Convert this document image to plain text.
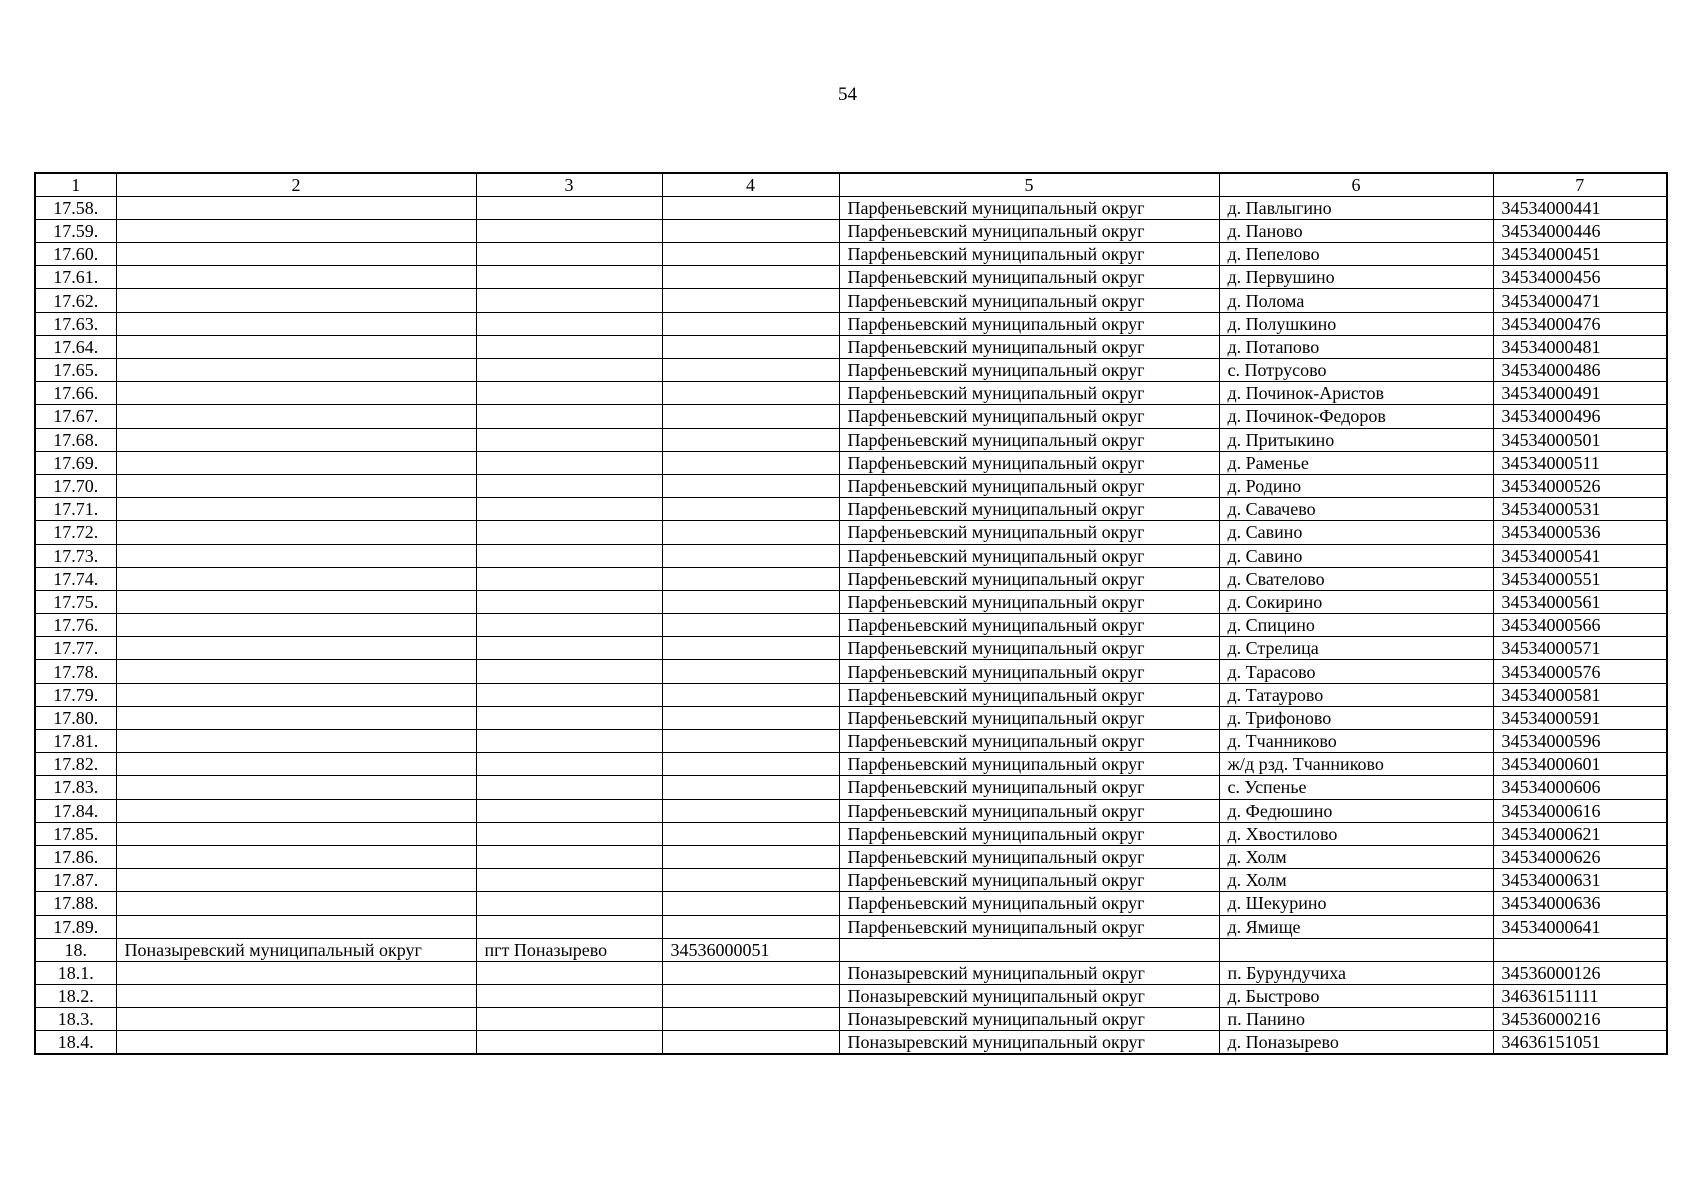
54
1	2	3	4	5	6	7
17.58.				Парфеньевский муниципальный округ	д. Павлыгино	34534000441
17.59.				Парфеньевский муниципальный округ	д. Паново	34534000446
17.60.				Парфеньевский муниципальный округ	д. Пепелово	34534000451
17.61.				Парфеньевский муниципальный округ	д. Первушино	34534000456
17.62.				Парфеньевский муниципальный округ	д. Полома	34534000471
17.63.				Парфеньевский муниципальный округ	д. Полушкино	34534000476
17.64.				Парфеньевский муниципальный округ	д. Потапово	34534000481
17.65.				Парфеньевский муниципальный округ	с. Потрусово	34534000486
17.66.				Парфеньевский муниципальный округ	д. Починок-Аристов	34534000491
17.67.				Парфеньевский муниципальный округ	д. Починок-Федоров	34534000496
17.68.				Парфеньевский муниципальный округ	д. Притыкино	34534000501
17.69.				Парфеньевский муниципальный округ	д. Раменье	34534000511
17.70.				Парфеньевский муниципальный округ	д. Родино	34534000526
17.71.				Парфеньевский муниципальный округ	д. Савачево	34534000531
17.72.				Парфеньевский муниципальный округ	д. Савино	34534000536
17.73.				Парфеньевский муниципальный округ	д. Савино	34534000541
17.74.				Парфеньевский муниципальный округ	д. Свателово	34534000551
17.75.				Парфеньевский муниципальный округ	д. Сокирино	34534000561
17.76.				Парфеньевский муниципальный округ	д. Спицино	34534000566
17.77.				Парфеньевский муниципальный округ	д. Стрелица	34534000571
17.78.				Парфеньевский муниципальный округ	д. Тарасово	34534000576
17.79.				Парфеньевский муниципальный округ	д. Татаурово	34534000581
17.80.				Парфеньевский муниципальный округ	д. Трифоново	34534000591
17.81.				Парфеньевский муниципальный округ	д. Тчанниково	34534000596
17.82.				Парфеньевский муниципальный округ	ж/д рзд. Тчанниково	34534000601
17.83.				Парфеньевский муниципальный округ	с. Успенье	34534000606
17.84.				Парфеньевский муниципальный округ	д. Федюшино	34534000616
17.85.				Парфеньевский муниципальный округ	д. Хвостилово	34534000621
17.86.				Парфеньевский муниципальный округ	д. Холм	34534000626
17.87.				Парфеньевский муниципальный округ	д. Холм	34534000631
17.88.				Парфеньевский муниципальный округ	д. Шекурино	34534000636
17.89.				Парфеньевский муниципальный округ	д. Ямище	34534000641
18.	Поназыревский муниципальный округ	пгт Поназырево	34536000051			
18.1.				Поназыревский муниципальный округ	п. Бурундучиха	34536000126
18.2.				Поназыревский муниципальный округ	д. Быстрово	34636151111
18.3.				Поназыревский муниципальный округ	п. Панино	34536000216
18.4.				Поназыревский муниципальный округ	д. Поназырево	34636151051
